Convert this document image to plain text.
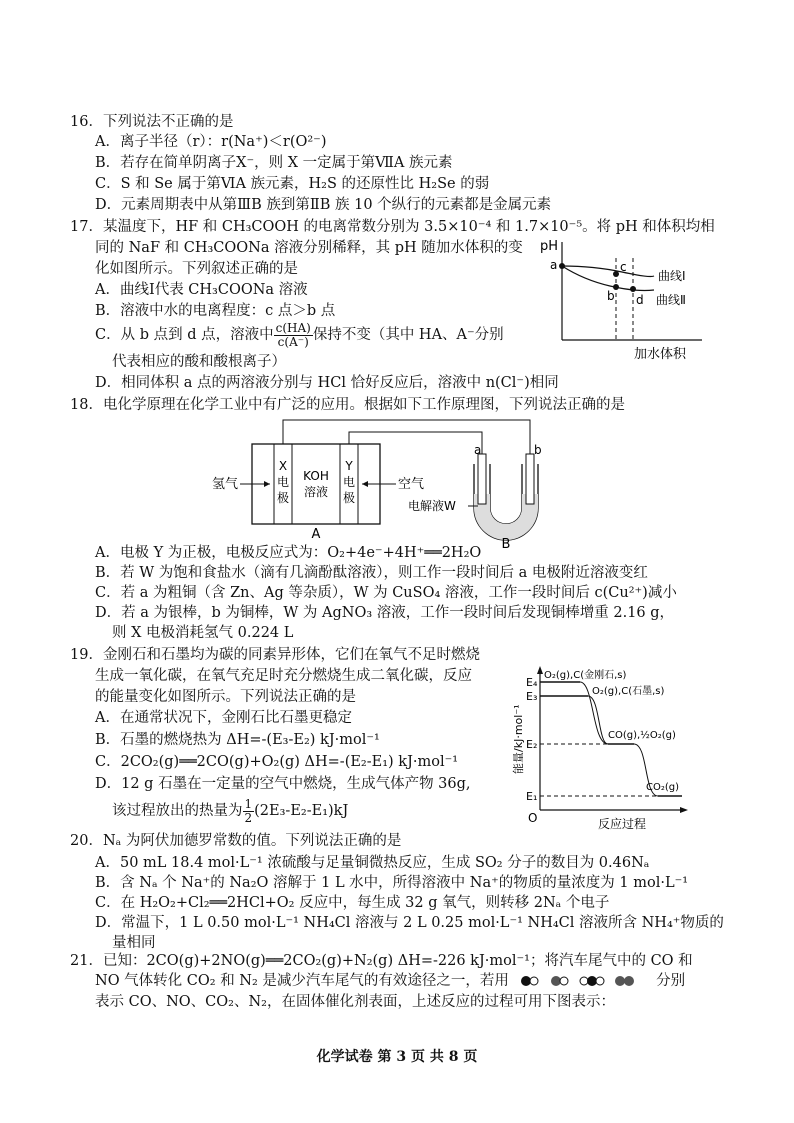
16．下列说法不正确的是
A．离子半径（r）：r(Na⁺)＜r(O²⁻)
B．若存在简单阴离子X⁻，则 X 一定属于第ⅦA 族元素
C．S 和 Se 属于第ⅥA 族元素，H₂S 的还原性比 H₂Se 的弱
D．元素周期表中从第ⅢB 族到第ⅡB 族 10 个纵行的元素都是金属元素
17．某温度下，HF 和 CH₃COOH 的电离常数分别为 3.5×10⁻⁴ 和 1.7×10⁻⁵。将 pH 和体积均相
同的 NaF 和 CH₃COONa 溶液分别稀释，其 pH 随加水体积的变
化如图所示。下列叙述正确的是
A．曲线Ⅰ代表 CH₃COONa 溶液
B．溶液中水的电离程度：c 点＞b 点
C．从 b 点到 d 点，溶液中 $\frac{c(HA)}{c(A^-)}$ 保持不变（其中 HA、A⁻分别
代表相应的酸和酸根离子）
D．相同体积 a 点的两溶液分别与 HCl 恰好反应后，溶液中 n(Cl⁻)相同
pH
加水体积
a
b
c
d
曲线Ⅰ
曲线Ⅱ
18．电化学原理在化学工业中有广泛的应用。根据如下工作原理图，下列说法正确的是
X
电
极
KOH
溶液
Y
电
极
氢气	空气
A
a	b
电解液W
B
A．电极 Y 为正极，电极反应式为：O₂+4e⁻+4H⁺══2H₂O
B．若 W 为饱和食盐水（滴有几滴酚酞溶液），则工作一段时间后 a 电极附近溶液变红
C．若 a 为粗铜（含 Zn、Ag 等杂质），W 为 CuSO₄ 溶液，工作一段时间后 c(Cu²⁺)减小
D．若 a 为银棒，b 为铜棒，W 为 AgNO₃ 溶液，工作一段时间后发现铜棒增重 2.16 g，
则 X 电极消耗氢气 0.224 L
19．金刚石和石墨均为碳的同素异形体，它们在氧气不足时燃烧
生成一氧化碳，在氧气充足时充分燃烧生成二氧化碳，反应
的能量变化如图所示。下列说法正确的是
A．在通常状况下，金刚石比石墨更稳定
B．石墨的燃烧热为 ΔH=-(E₃-E₂) kJ·mol⁻¹
C．2CO₂(g)══2CO(g)+O₂(g) ΔH=-(E₂-E₁) kJ·mol⁻¹
D．12 g 石墨在一定量的空气中燃烧，生成气体产物 36g,
该过程放出的热量为 $\frac{1}{2} (2E_3-E_2-E_1)kJ$	O	反应过程
能量/kJ·mol⁻¹
E₄
E₃
E₂
E₁
O₂(g),C(金刚石,s)
O₂(g),C(石墨,s)
CO(g),½O₂(g)
CO₂(g)
20．Nₐ 为阿伏加德罗常数的值。下列说法正确的是
A．50 mL 18.4 mol·L⁻¹ 浓硫酸与足量铜微热反应，生成 SO₂ 分子的数目为 0.46Nₐ
B．含 Nₐ 个 Na⁺的 Na₂O 溶解于 1 L 水中，所得溶液中 Na⁺的物质的量浓度为 1 mol·L⁻¹
C．在 H₂O₂+Cl₂══2HCl+O₂ 反应中，每生成 32 g 氧气，则转移 2Nₐ 个电子
D．常温下，1 L 0.50 mol·L⁻¹ NH₄Cl 溶液与 2 L 0.25 mol·L⁻¹ NH₄Cl 溶液所含 NH₄⁺物质的
量相同
21．已知：2CO(g)+2NO(g)══2CO₂(g)+N₂(g) ΔH=-226 kJ·mol⁻¹；将汽车尾气中的 CO 和
NO 气体转化 CO₂ 和 N₂ 是减少汽车尾气的有效途径之一，若用	分别
表示 CO、NO、CO₂、N₂，在固体催化剂表面，上述反应的过程可用下图表示：
化学试卷 第 3 页 共 8 页
